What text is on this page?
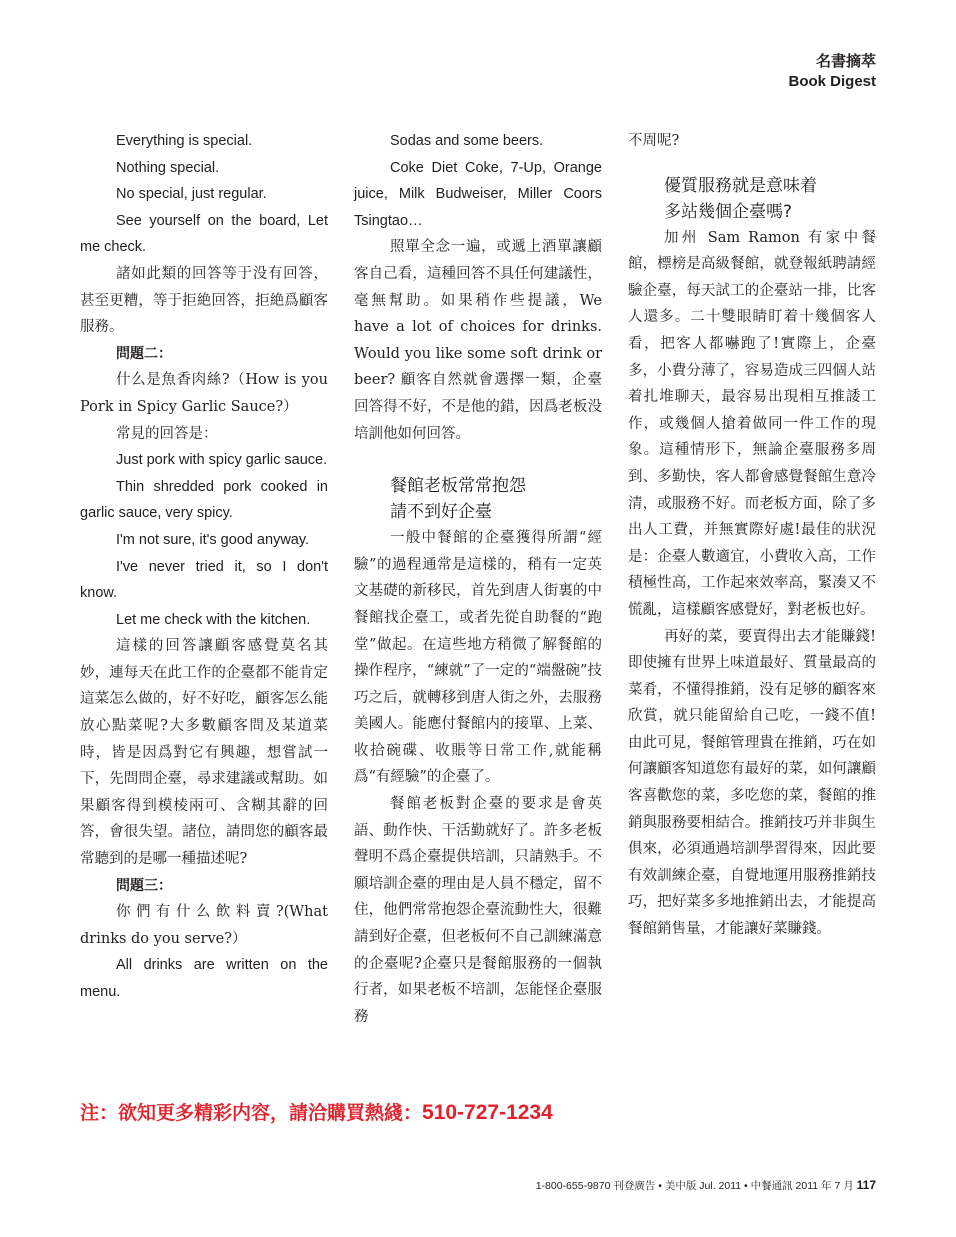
名書摘萃
Book Digest

Everything is special.

Nothing special.

No special, just regular.

See yourself on the board, Let me check.

諸如此類的回答等于没有回答，甚至更糟，等于拒絶回答，拒絶爲顧客服務。

問題二：

什么是魚香肉絲?（How is you Pork in Spicy Garlic Sauce?）

常見的回答是：

Just pork with spicy garlic sauce.

Thin shredded pork cooked in garlic sauce, very spicy.

I'm not sure, it's good anyway.

I've never tried it, so I don't know.

Let me check with the kitchen.

這樣的回答讓顧客感覺莫名其妙，連每天在此工作的企臺都不能肯定這菜怎么做的，好不好吃，顧客怎么能放心點菜呢?大多數顧客問及某道菜時，皆是因爲對它有興趣，想嘗試一下，先問問企臺，尋求建議或幫助。如果顧客得到模棱兩可、含糊其辭的回答，會很失望。諸位，請問您的顧客最常聽到的是哪一種描述呢?

問題三：

你們有什么飲料賣?(What drinks do you serve?）

All drinks are written on the menu.

Sodas and some beers.

Coke Diet Coke, 7-Up, Orange juice, Milk Budweiser, Miller Coors Tsingtao…

照單全念一遍，或遞上酒單讓顧客自己看，這種回答不具任何建議性，毫無幫助。如果稍作些提議，We have a lot of choices for drinks. Would you like some soft drink or beer? 顧客自然就會選擇一類，企臺回答得不好，不是他的錯，因爲老板没培訓他如何回答。

餐館老板常常抱怨

請不到好企臺

一般中餐館的企臺獲得所謂“經驗”的過程通常是這樣的，稍有一定英文基礎的新移民，首先到唐人街裏的中餐館找企臺工，或者先從自助餐的“跑堂”做起。在這些地方稍微了解餐館的操作程序，“練就”了一定的“端盤碗”技巧之后，就轉移到唐人街之外，去服務美國人。能應付餐館内的接單、上菜、收拾碗碟、收賬等日常工作,就能稱爲“有經驗”的企臺了。

餐館老板對企臺的要求是會英語、動作快、干活勤就好了。許多老板聲明不爲企臺提供培訓，只請熟手。不願培訓企臺的理由是人員不穩定，留不住，他們常常抱怨企臺流動性大，很難請到好企臺，但老板何不自己訓練滿意的企臺呢?企臺只是餐館服務的一個執行者，如果老板不培訓，怎能怪企臺服務

不周呢?

優質服務就是意味着

多站幾個企臺嗎?

加州 Sam Ramon 有家中餐館，標榜是高級餐館，就登報紙聘請經驗企臺，每天試工的企臺站一排，比客人還多。二十雙眼睛盯着十幾個客人看，把客人都嚇跑了!實際上，企臺多，小費分薄了，容易造成三四個人站着扎堆聊天，最容易出現相互推諉工作，或幾個人搶着做同一件工作的現象。這種情形下，無論企臺服務多周到、多勤快，客人都會感覺餐館生意冷清，或服務不好。而老板方面，除了多出人工費，并無實際好處!最佳的狀況是：企臺人數適宜，小費收入高，工作積極性高，工作起來效率高，緊凑又不慌亂，這樣顧客感覺好，對老板也好。

再好的菜，要賣得出去才能賺錢!即使擁有世界上味道最好、質量最高的菜肴，不懂得推銷，没有足够的顧客來欣賞，就只能留給自己吃，一錢不值!由此可見，餐館管理貴在推銷，巧在如何讓顧客知道您有最好的菜，如何讓顧客喜歡您的菜，多吃您的菜，餐館的推銷與服務要相結合。推銷技巧并非與生俱來，必須通過培訓學習得來，因此要有效訓練企臺，自覺地運用服務推銷技巧，把好菜多多地推銷出去，才能提高餐館銷售量，才能讓好菜賺錢。

注：欲知更多精彩内容，請洽購買熱綫：510-727-1234
1-800-655-9870 刊登廣告 • 美中版 Jul. 2011 • 中餐通訊 2011 年 7 月 117
